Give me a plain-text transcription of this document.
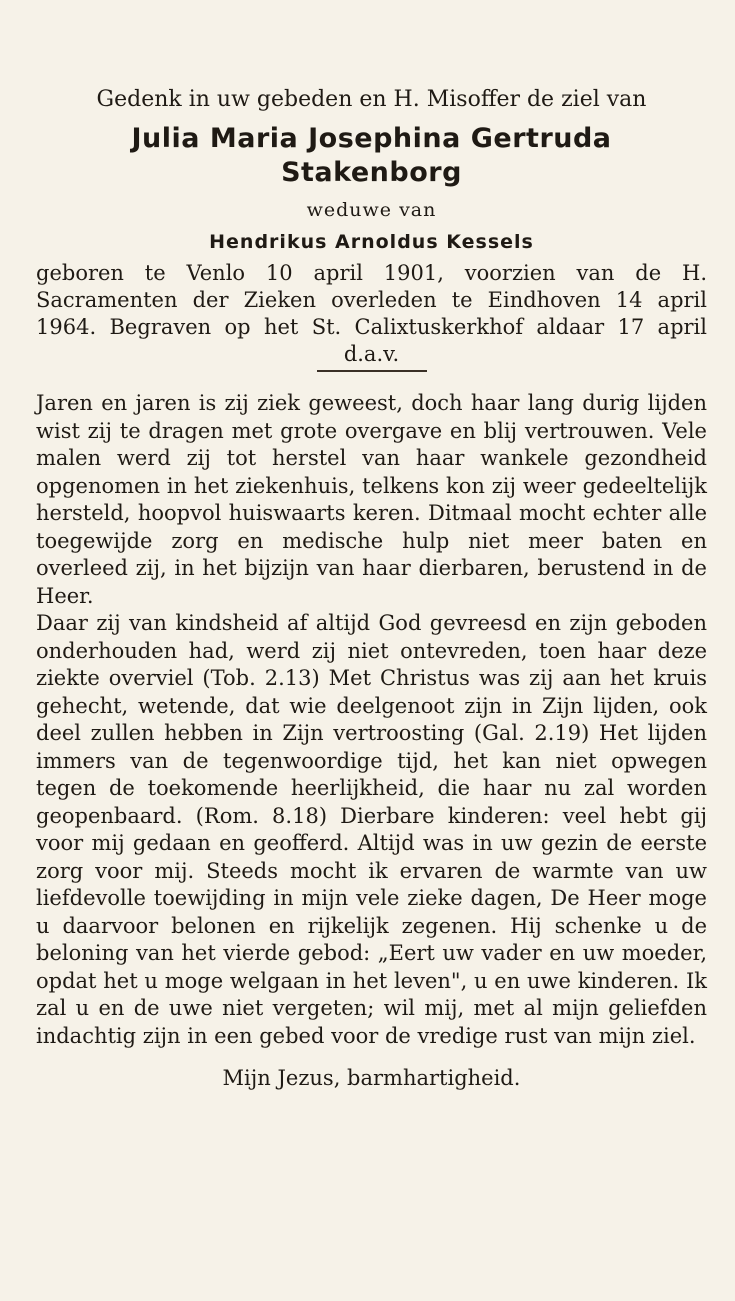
Gedenk in uw gebeden en H. Misoffer de ziel van
Julia Maria Josephina Gertruda
Stakenborg
weduwe van
Hendrikus Arnoldus Kessels

geboren te Venlo 10 april 1901, voorzien van de H. Sacramenten der Zieken overleden te Eindhoven 14 april 1964. Begraven op het St. Calixtuskerkhof aldaar 17 april d.a.v.

Jaren en jaren is zij ziek geweest, doch haar lang durig lijden wist zij te dragen met grote overgave en blij vertrouwen. Vele malen werd zij tot herstel van haar wankele gezondheid opgenomen in het ziekenhuis, telkens kon zij weer gedeeltelijk hersteld, hoopvol huiswaarts keren. Ditmaal mocht echter alle toegewijde zorg en medische hulp niet meer baten en overleed zij, in het bijzijn van haar dierbaren, berustend in de Heer.

Daar zij van kindsheid af altijd God gevreesd en zijn geboden onderhouden had, werd zij niet ontevreden, toen haar deze ziekte overviel (Tob. 2.13) Met Christus was zij aan het kruis gehecht, wetende, dat wie deelgenoot zijn in Zijn lijden, ook deel zullen hebben in Zijn vertroosting (Gal. 2.19) Het lijden immers van de tegenwoordige tijd, het kan niet opwegen tegen de toekomende heerlijkheid, die haar nu zal worden geopenbaard. (Rom. 8.18) Dierbare kinderen: veel hebt gij voor mij gedaan en geofferd. Altijd was in uw gezin de eerste zorg voor mij. Steeds mocht ik ervaren de warmte van uw liefdevolle toewijding in mijn vele zieke dagen, De Heer moge u daarvoor belonen en rijkelijk zegenen. Hij schenke u de beloning van het vierde gebod: „Eert uw vader en uw moeder, opdat het u moge welgaan in het leven", u en uwe kinderen. Ik zal u en de uwe niet vergeten; wil mij, met al mijn geliefden indachtig zijn in een gebed voor de vredige rust van mijn ziel.

Mijn Jezus, barmhartigheid.
